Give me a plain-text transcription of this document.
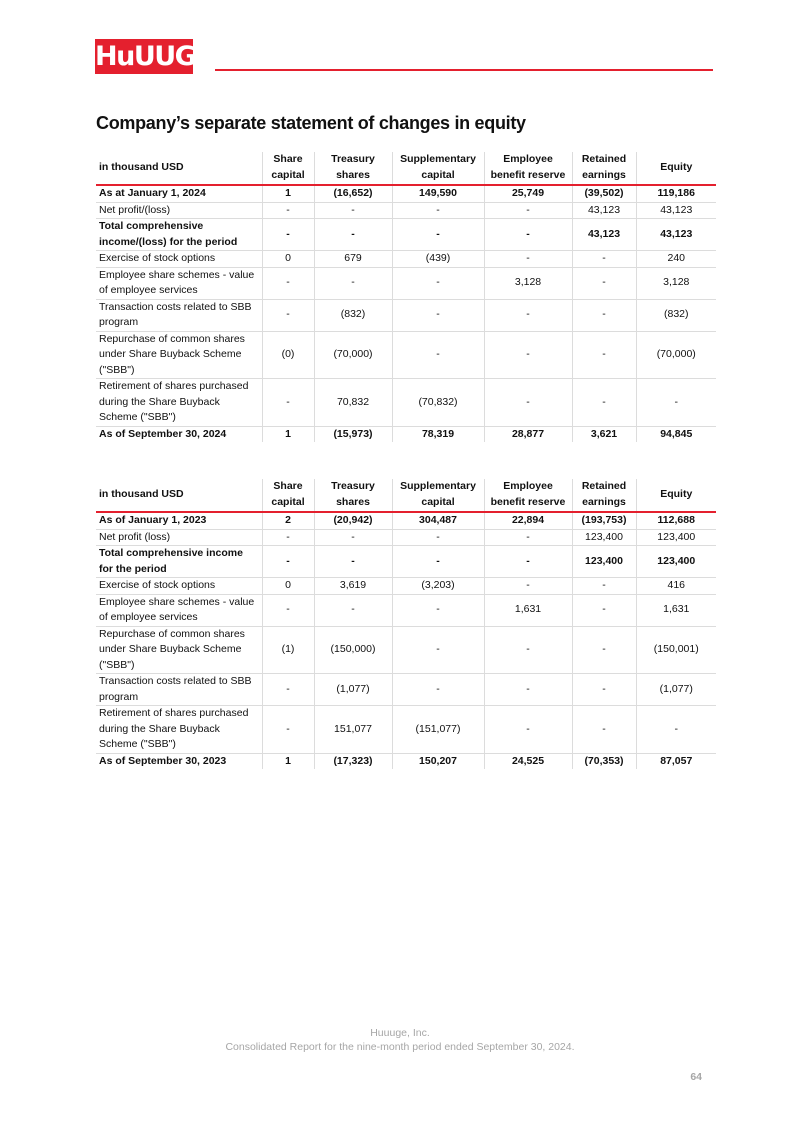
HuUUGE
Company’s separate statement of changes in equity
in thousand USD	Share capital	Treasury shares	Supplementary capital	Employee benefit reserve	Retained earnings	Equity
As at January 1, 2024	1	(16,652)	149,590	25,749	(39,502)	119,186
Net profit/(loss)	-	-	-	-	43,123	43,123
Total comprehensive income/(loss) for the period	-	-	-	-	43,123	43,123
Exercise of stock options	0	679	(439)	-	-	240
Employee share schemes - value of employee services	-	-	-	3,128	-	3,128
Transaction costs related to SBB program	-	(832)	-	-	-	(832)
Repurchase of common shares under Share Buyback Scheme ("SBB")	(0)	(70,000)	-	-	-	(70,000)
Retirement of shares purchased during the Share Buyback Scheme ("SBB")	-	70,832	(70,832)	-	-	-
As of September 30, 2024	1	(15,973)	78,319	28,877	3,621	94,845
in thousand USD	Share capital	Treasury shares	Supplementary capital	Employee benefit reserve	Retained earnings	Equity
As of January 1, 2023	2	(20,942)	304,487	22,894	(193,753)	112,688
Net profit (loss)	-	-	-	-	123,400	123,400
Total comprehensive income for the period	-	-	-	-	123,400	123,400
Exercise of stock options	0	3,619	(3,203)	-	-	416
Employee share schemes - value of employee services	-	-	-	1,631	-	1,631
Repurchase of common shares under Share Buyback Scheme ("SBB")	(1)	(150,000)	-	-	-	(150,001)
Transaction costs related to SBB program	-	(1,077)	-	-	-	(1,077)
Retirement of shares purchased during the Share Buyback Scheme ("SBB")	-	151,077	(151,077)	-	-	-
As of September 30, 2023	1	(17,323)	150,207	24,525	(70,353)	87,057
Huuuge, Inc.
Consolidated Report for the nine-month period ended September 30, 2024.
64
